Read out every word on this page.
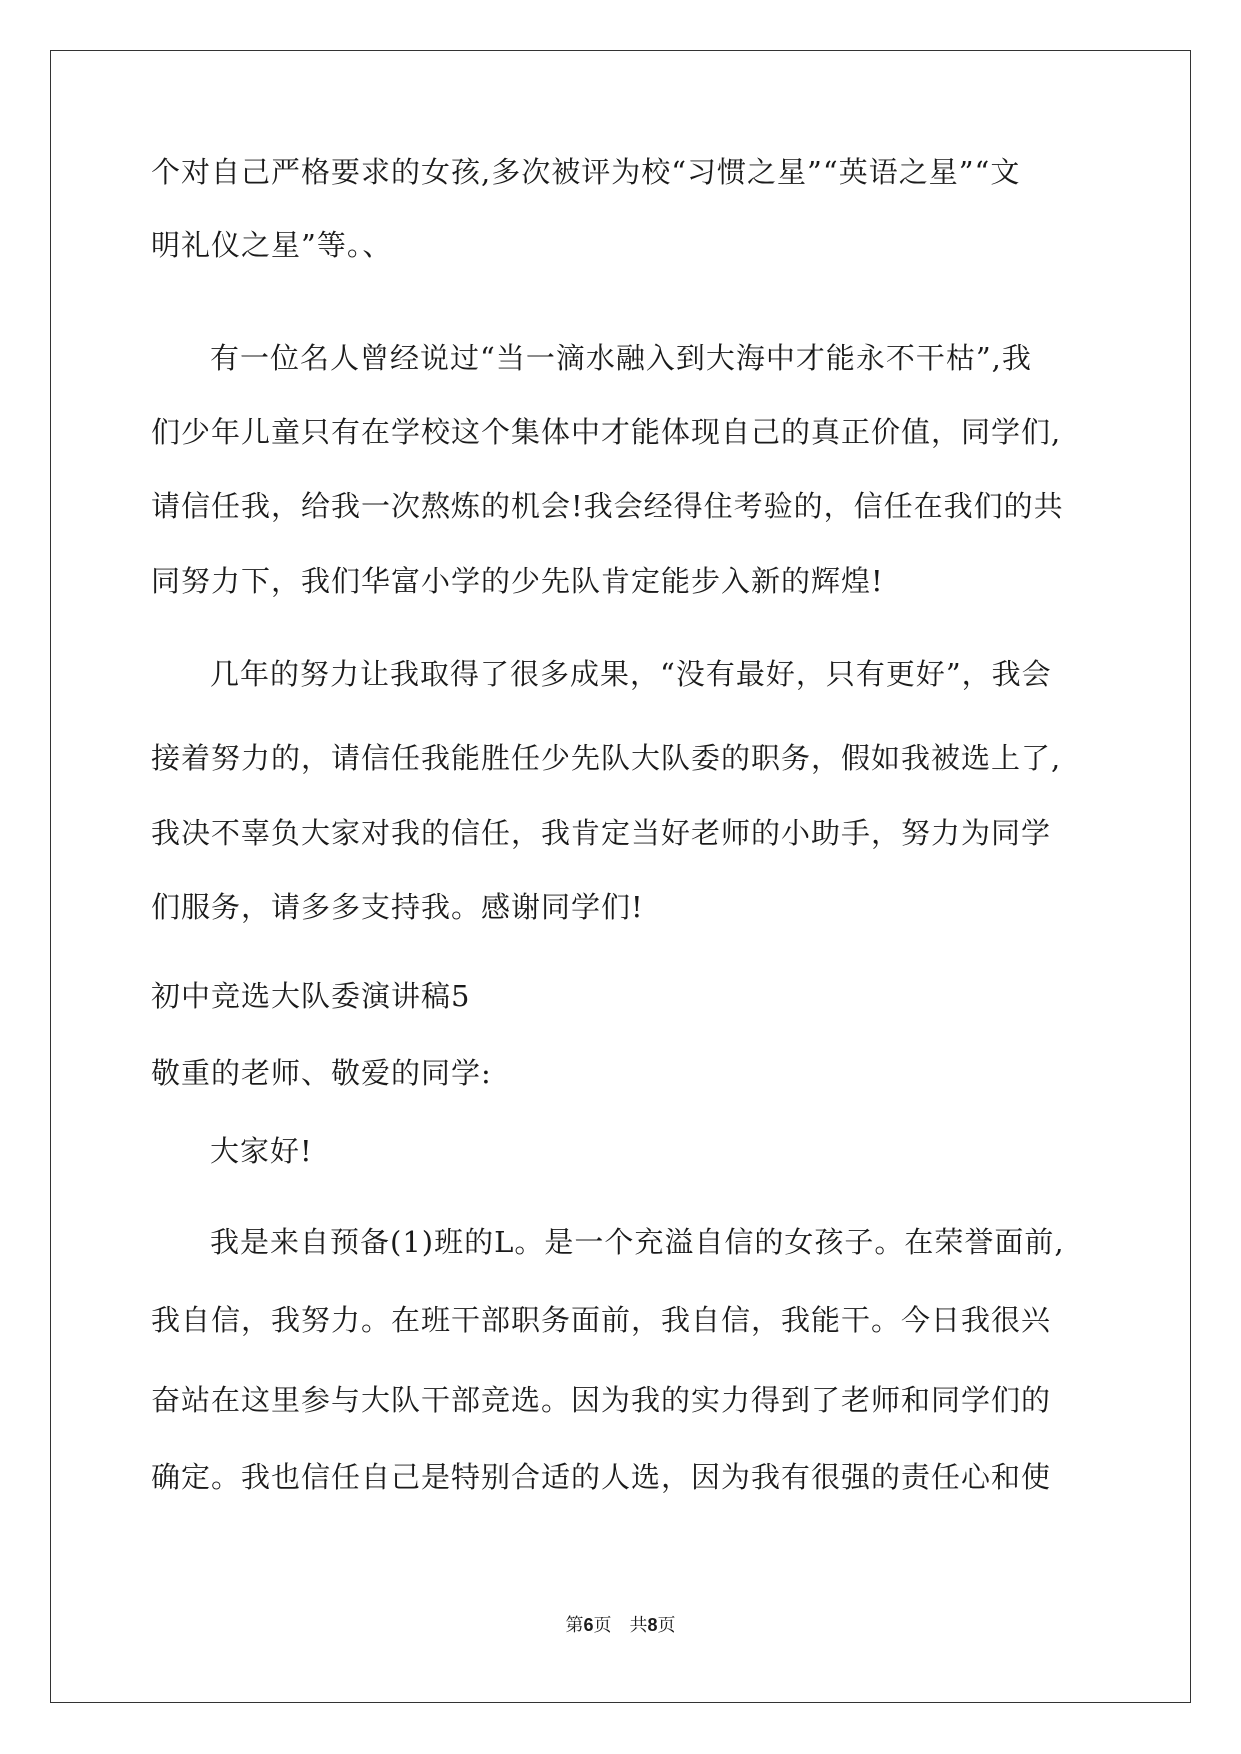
个对自己严格要求的女孩,多次被评为校“习惯之星”“英语之星”“文
明礼仪之星”等。、
有一位名人曾经说过“当一滴水融入到大海中才能永不干枯”,我
们少年儿童只有在学校这个集体中才能体现自己的真正价值，同学们,
请信任我，给我一次熬炼的机会!我会经得住考验的，信任在我们的共
同努力下，我们华富小学的少先队肯定能步入新的辉煌!
几年的努力让我取得了很多成果，“没有最好，只有更好”，我会
接着努力的，请信任我能胜任少先队大队委的职务，假如我被选上了,
我决不辜负大家对我的信任，我肯定当好老师的小助手，努力为同学
们服务，请多多支持我。感谢同学们!
初中竞选大队委演讲稿5
敬重的老师、敬爱的同学:
大家好!
我是来自预备(1)班的L。是一个充溢自信的女孩子。在荣誉面前,
我自信，我努力。在班干部职务面前，我自信，我能干。今日我很兴
奋站在这里参与大队干部竞选。因为我的实力得到了老师和同学们的
确定。我也信任自己是特别合适的人选，因为我有很强的责任心和使
第6页　共8页
